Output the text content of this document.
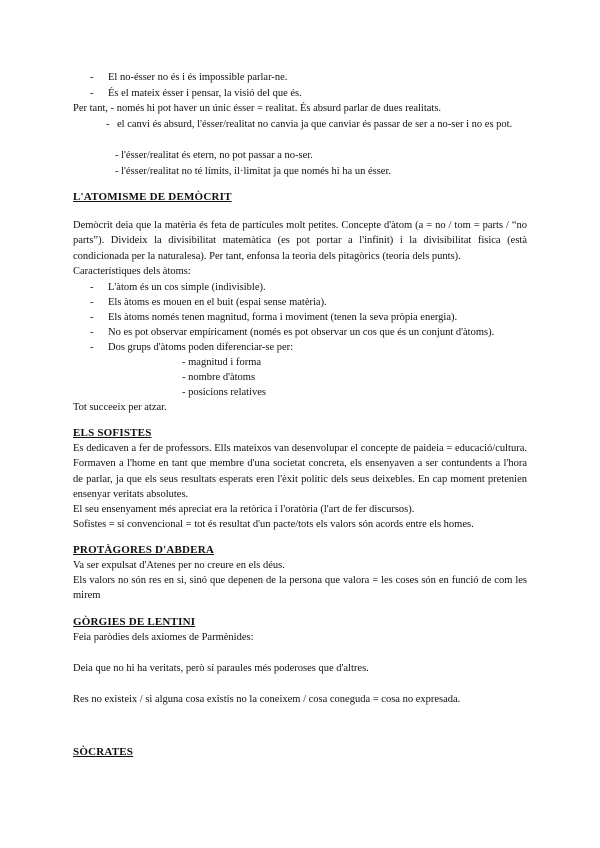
- El no-ésser no és i és impossible parlar-ne.
- És el mateix ésser i pensar, la visió del que és.
Per tant, - només hi pot haver un únic ésser = realitat. És absurd parlar de dues realitats.
- el canvi és absurd, l'ésser/realitat no canvia ja que canviar és passar de ser a no-ser i no es pot.
- l'ésser/realitat és etern, no pot passar a no-ser.
- l'ésser/realitat no té límits, il·limitat ja que només hi ha un ésser.
L'ATOMISME DE DEMÒCRIT
Demòcrit deia que la matèria és feta de partícules molt petites. Concepte d'àtom (a = no / tom = parts / “no parts”). Divideix la divisibilitat matemàtica (es pot portar a l'infinit) i la divisibilitat física (està condicionada per la naturalesa). Per tant, enfonsa la teoria dels pitagòrics (teoria dels punts).
Característiques dels àtoms:
- L'àtom és un cos simple (indivisible).
- Els àtoms es mouen en el buit (espai sense matèria).
- Els àtoms només tenen magnitud, forma i moviment (tenen la seva pròpia energia).
- No es pot observar empíricament (només es pot observar un cos que és un conjunt d'àtoms).
- Dos grups d'àtoms poden diferenciar-se per:
- magnitud i forma
- nombre d'àtoms
- posicions relatives
Tot succeeix per atzar.
ELS SOFISTES
Es dedicaven a fer de professors. Ells mateixos van desenvolupar el concepte de paideia = educació/cultura. Formaven a l'home en tant que membre d'una societat concreta, els ensenyaven a ser contundents a l'hora de parlar, ja que els seus resultats esperats eren l'èxit polític dels seus deixebles. En cap moment pretenien ensenyar veritats absolutes.
El seu ensenyament més apreciat era la retòrica i l'oratòria (l'art de fer discursos).
Sofistes = sí convencional = tot és resultat d'un pacte/tots els valors són acords entre els homes.
PROTÀGORES D'ABDERA
Va ser expulsat d'Atenes per no creure en els déus.
Els valors no són res en si, sinó que depenen de la persona que valora = les coses són en funció de com les mirem
GÒRGIES DE LENTINI
Feia paròdies dels axiomes de Parmènides:
Deia que no hi ha veritats, però sí paraules més poderoses que d'altres.
Res no existeix / si alguna cosa existís no la coneixem / cosa coneguda = cosa no expresada.
SÒCRATES
